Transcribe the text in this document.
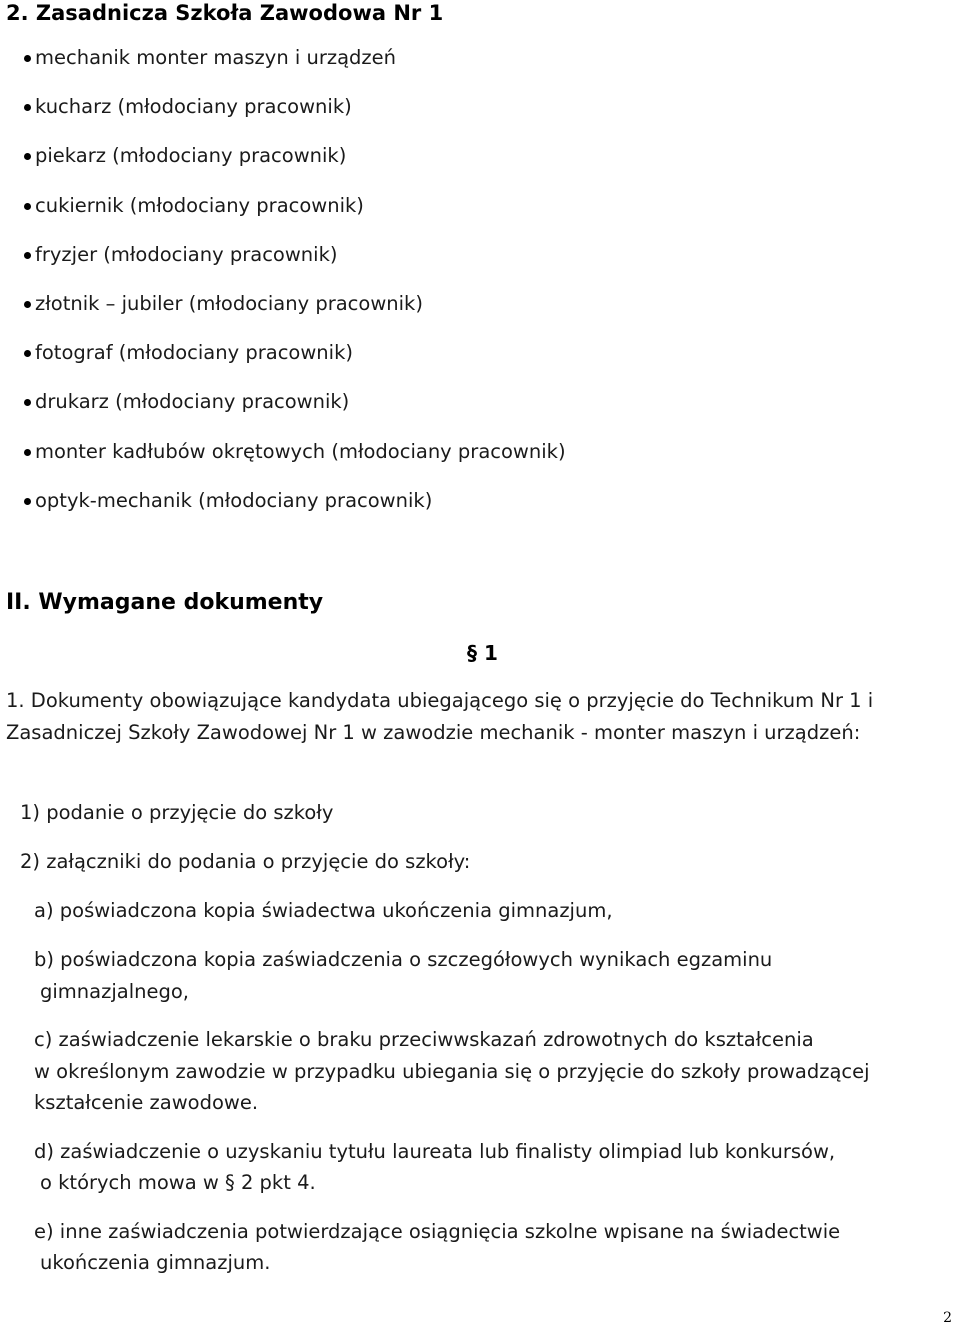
2. Zasadnicza Szkoła Zawodowa Nr 1
mechanik monter maszyn i urządzeń
kucharz (młodociany pracownik)
piekarz (młodociany pracownik)
cukiernik (młodociany pracownik)
fryzjer (młodociany pracownik)
złotnik – jubiler (młodociany pracownik)
fotograf (młodociany pracownik)
drukarz (młodociany pracownik)
monter kadłubów okrętowych (młodociany pracownik)
optyk-mechanik (młodociany pracownik)
II. Wymagane dokumenty
§ 1
1. Dokumenty obowiązujące kandydata ubiegającego się o przyjęcie do Technikum Nr 1 i Zasadniczej Szkoły Zawodowej Nr 1 w zawodzie mechanik - monter maszyn i urządzeń:
1) podanie o przyjęcie do szkoły
2) załączniki do podania o przyjęcie do szkoły:
a) poświadczona kopia świadectwa ukończenia gimnazjum,
b) poświadczona kopia zaświadczenia o szczegółowych wynikach egzaminu
gimnazjalnego,
c) zaświadczenie lekarskie o braku przeciwwskazań zdrowotnych do kształcenia
w określonym zawodzie w przypadku ubiegania się o przyjęcie do szkoły prowadzącej
kształcenie zawodowe.
d) zaświadczenie o uzyskaniu tytułu laureata lub finalisty olimpiad lub konkursów,
o których mowa w § 2 pkt 4.
e) inne zaświadczenia potwierdzające osiągnięcia szkolne wpisane na świadectwie
ukończenia gimnazjum.
2
